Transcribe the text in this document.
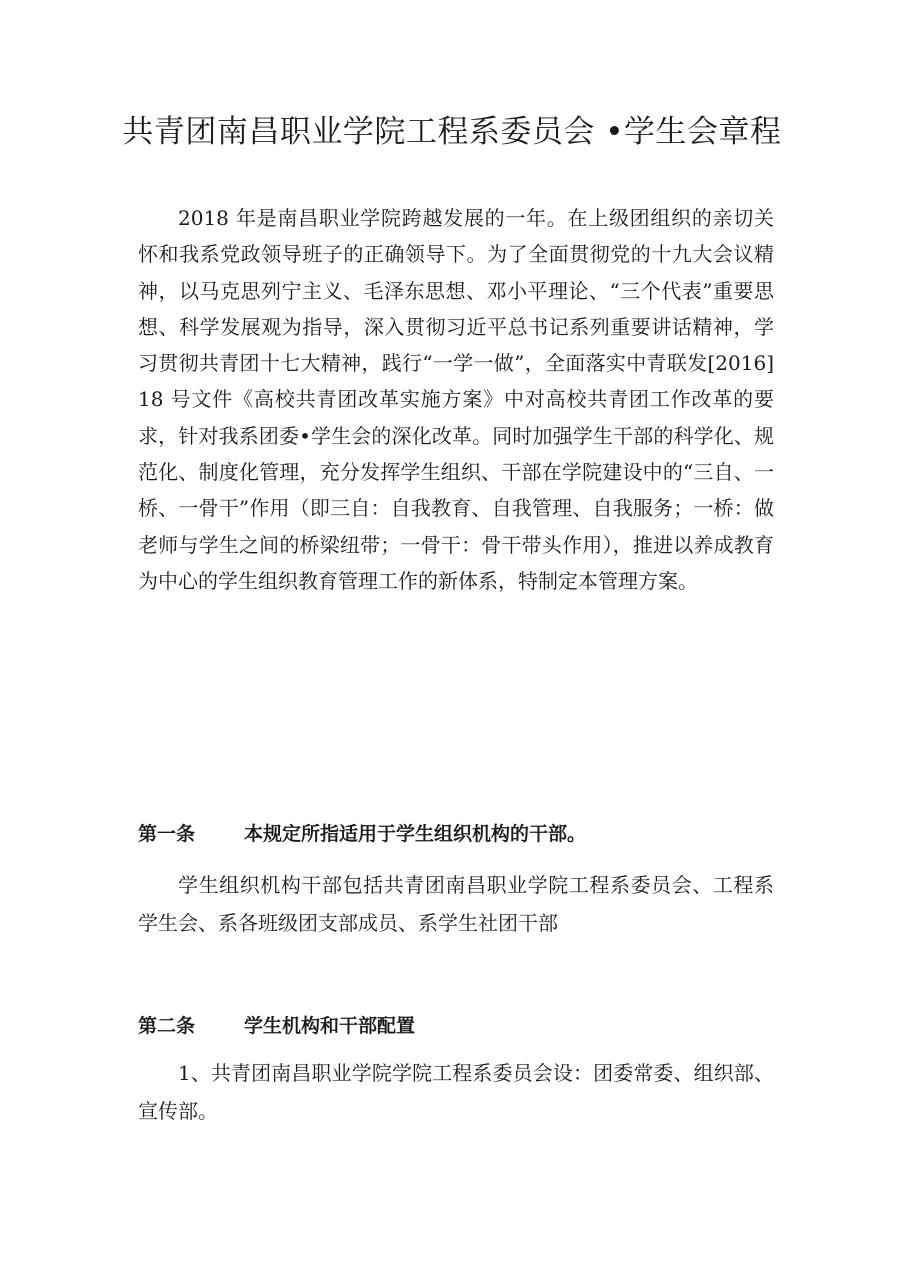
共青团南昌职业学院工程系委员会 •学生会章程

2018 年是南昌职业学院跨越发展的一年。在上级团组织的亲切关怀和我系党政领导班子的正确领导下。为了全面贯彻党的十九大会议精神，以马克思列宁主义、毛泽东思想、邓小平理论、“三个代表”重要思想、科学发展观为指导，深入贯彻习近平总书记系列重要讲话精神，学习贯彻共青团十七大精神，践行“一学一做”，全面落实中青联发[2016]18 号文件《高校共青团改革实施方案》中对高校共青团工作改革的要求，针对我系团委•学生会的深化改革。同时加强学生干部的科学化、规范化、制度化管理，充分发挥学生组织、干部在学院建设中的“三自、一桥、一骨干”作用（即三自：自我教育、自我管理、自我服务；一桥：做老师与学生之间的桥梁纽带；一骨干：骨干带头作用），推进以养成教育为中心的学生组织教育管理工作的新体系，特制定本管理方案。

第一条	本规定所指适用于学生组织机构的干部。

学生组织机构干部包括共青团南昌职业学院工程系委员会、工程系学生会、系各班级团支部成员、系学生社团干部

第二条	学生机构和干部配置

1、共青团南昌职业学院学院工程系委员会设：团委常委、组织部、宣传部。
